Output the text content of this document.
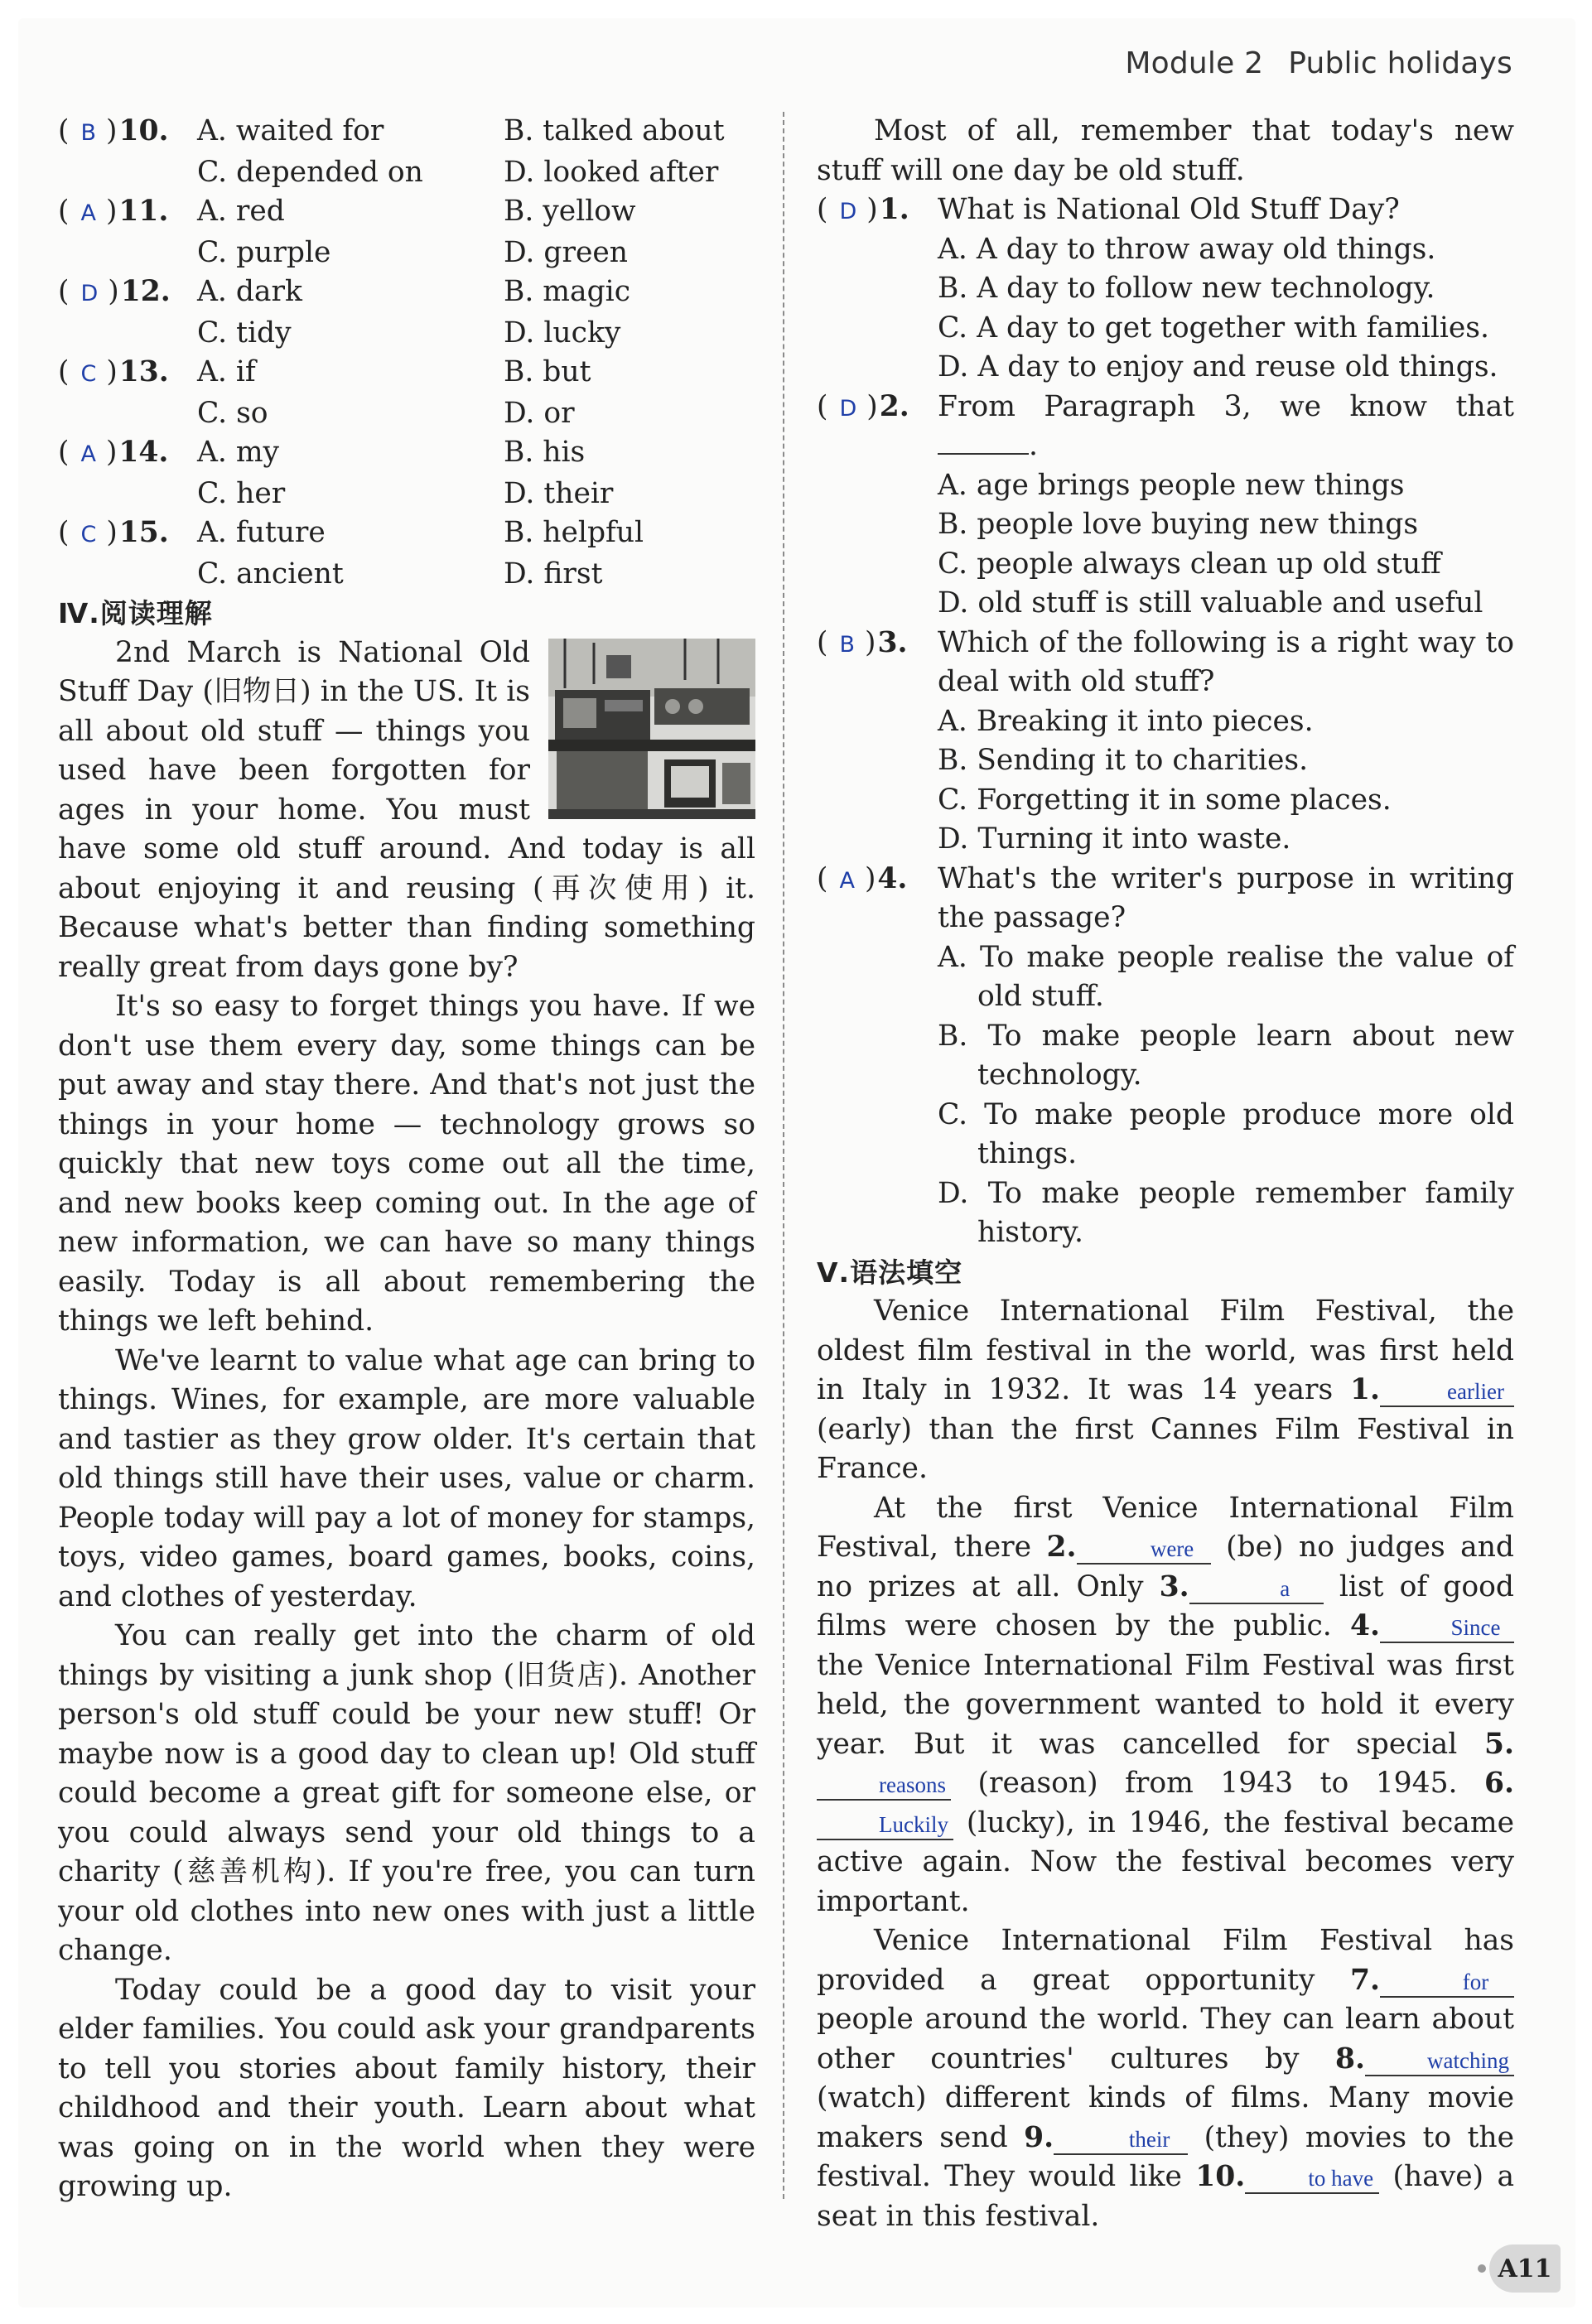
Module 2 Public holidays
( B )10.	A. waited for	B. talked about
C. depended on	D. looked after
( A )11.	A. red	B. yellow
C. purple	D. green
( D )12. A. dark	B. magic
C. tidy	D. lucky
( C )13. A. if	B. but
C. so	D. or
( A )14.	A. my	B. his
C. her	D. their
( C )15. A. future	B. helpful
C. ancient	D. first
Ⅳ.阅读理解
2nd March is National Old Stuff Day (旧物日) in the US. It is all about old stuff — things you used have been forgotten for ages in your home. You must have some old stuff around. And today is all about enjoying it and reusing (再次使用) it. Because what's better than finding something really great from days gone by?
It's so easy to forget things you have. If we don't use them every day, some things can be put away and stay there. And that's not just the things in your home — technology grows so quickly that new toys come out all the time, and new books keep coming out. In the age of new information, we can have so many things easily. Today is all about remembering the things we left behind.
We've learnt to value what age can bring to things. Wines, for example, are more valuable and tastier as they grow older. It's certain that old things still have their uses, value or charm. People today will pay a lot of money for stamps, toys, video games, board games, books, coins, and clothes of yesterday.
You can really get into the charm of old things by visiting a junk shop (旧货店). Another person's old stuff could be your new stuff! Or maybe now is a good day to clean up! Old stuff could become a great gift for someone else, or you could always send your old things to a charity (慈善机构). If you're free, you can turn your old clothes into new ones with just a little change.
Today could be a good day to visit your elder families. You could ask your grandparents to tell you stories about family history, their childhood and their youth. Learn about what was going on in the world when they were growing up.
Most of all, remember that today's new stuff will one day be old stuff.
( D )1. What is National Old Stuff Day?
A. A day to throw away old things.
B. A day to follow new technology.
C. A day to get together with families.
D. A day to enjoy and reuse old things.
( D )2. From Paragraph 3, we know that .
A. age brings people new things
B. people love buying new things
C. people always clean up old stuff
D. old stuff is still valuable and useful
( B )3. Which of the following is a right way to deal with old stuff?
A. Breaking it into pieces.
B. Sending it to charities.
C. Forgetting it in some places.
D. Turning it into waste.
( A )4. What's the writer's purpose in writing the passage?
A. To make people realise the value of old stuff.
B. To make people learn about new technology.
C. To make people produce more old things.
D. To make people remember family history.
Ⅴ.语法填空
Venice International Film Festival, the oldest film festival in the world, was first held in Italy in 1932. It was 14 years 1.	earlier (early) than the first Cannes Film Festival in France.
At the first Venice International Film Festival, there 2.	were (be) no judges and no prizes at all. Only 3.	a list of good films were chosen by the public. 4.	Since the Venice International Film Festival was first held, the government wanted to hold it every year. But it was cancelled for special 5.reasons (reason) from 1943 to 1945. 6.Luckily (lucky), in 1946, the festival became active again. Now the festival becomes very important.
Venice International Film Festival has provided a great opportunity 7.	for people around the world. They can learn about other countries' cultures by 8.	watching (watch) different kinds of films. Many movie makers send 9.	their (they) movies to the festival. They would like 10.	to have (have) a seat in this festival.
A11
